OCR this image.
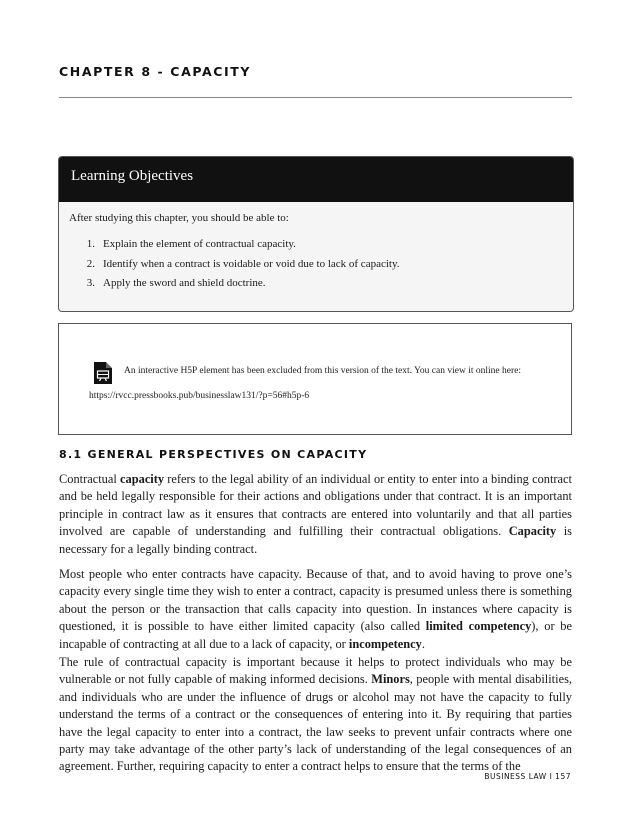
CHAPTER 8 - CAPACITY
Learning Objectives
After studying this chapter, you should be able to:
1. Explain the element of contractual capacity.
2. Identify when a contract is voidable or void due to lack of capacity.
3. Apply the sword and shield doctrine.
An interactive H5P element has been excluded from this version of the text. You can view it online here:
https://rvcc.pressbooks.pub/businesslaw131/?p=56#h5p-6
8.1 GENERAL PERSPECTIVES ON CAPACITY

Contractual capacity refers to the legal ability of an individual or entity to enter into a binding contract and be held legally responsible for their actions and obligations under that contract. It is an important principle in contract law as it ensures that contracts are entered into voluntarily and that all parties involved are capable of understanding and fulfilling their contractual obligations. Capacity is necessary for a legally binding contract.

Most people who enter contracts have capacity. Because of that, and to avoid having to prove one’s capacity every single time they wish to enter a contract, capacity is presumed unless there is something about the person or the transaction that calls capacity into question. In instances where capacity is questioned, it is possible to have either limited capacity (also called limited competency), or be incapable of contracting at all due to a lack of capacity, or incompetency.

The rule of contractual capacity is important because it helps to protect individuals who may be vulnerable or not fully capable of making informed decisions. Minors, people with mental disabilities, and individuals who are under the influence of drugs or alcohol may not have the capacity to fully understand the terms of a contract or the consequences of entering into it. By requiring that parties have the legal capacity to enter into a contract, the law seeks to prevent unfair contracts where one party may take advantage of the other party’s lack of understanding of the legal consequences of an agreement. Further, requiring capacity to enter a contract helps to ensure that the terms of the

BUSINESS LAW I 157
